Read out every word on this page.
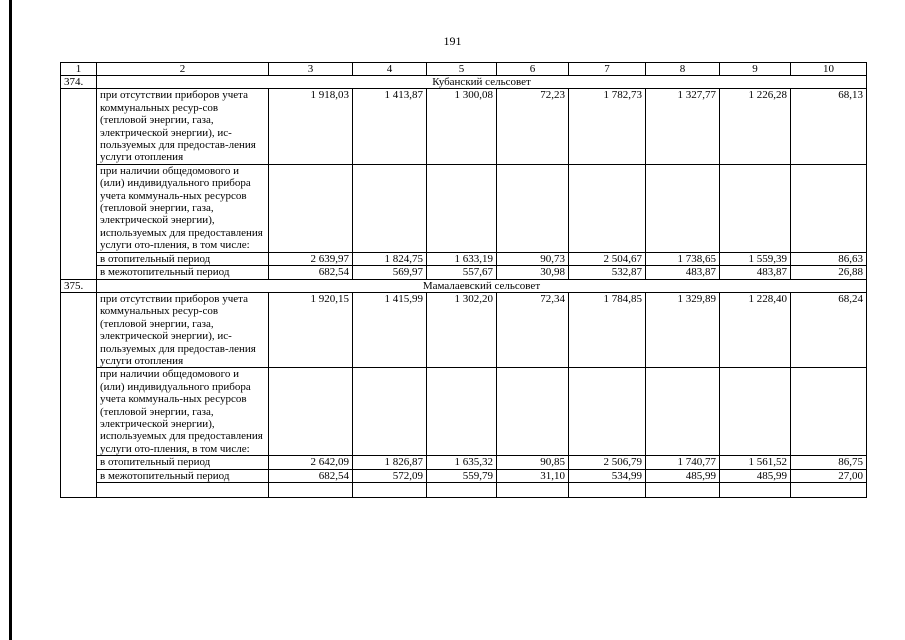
191
1	2	3	4	5	6	7	8	9	10
374.	Кубанский сельсовет								
	при отсутствии приборов учета коммунальных ресур-сов (тепловой энергии, газа, электрической энергии), ис-пользуемых для предостав-ления услуги отопления	1 918,03	1 413,87	1 300,08	72,23	1 782,73	1 327,77	1 226,28	68,13
	при наличии общедомового и (или) индивидуального прибора учета коммуналь-ных ресурсов (тепловой энергии, газа, электрической энергии), используемых для предоставления услуги ото-пления, в том числе:								
	в отопительный период	2 639,97	1 824,75	1 633,19	90,73	2 504,67	1 738,65	1 559,39	86,63
	в межотопительный период	682,54	569,97	557,67	30,98	532,87	483,87	483,87	26,88
375.	Мамалаевский сельсовет								
	при отсутствии приборов учета коммунальных ресур-сов (тепловой энергии, газа, электрической энергии), ис-пользуемых для предостав-ления услуги отопления	1 920,15	1 415,99	1 302,20	72,34	1 784,85	1 329,89	1 228,40	68,24
	при наличии общедомового и (или) индивидуального прибора учета коммуналь-ных ресурсов (тепловой энергии, газа, электрической энергии), используемых для предоставления услуги ото-пления, в том числе:								
	в отопительный период	2 642,09	1 826,87	1 635,32	90,85	2 506,79	1 740,77	1 561,52	86,75
	в межотопительный период	682,54	572,09	559,79	31,10	534,99	485,99	485,99	27,00
